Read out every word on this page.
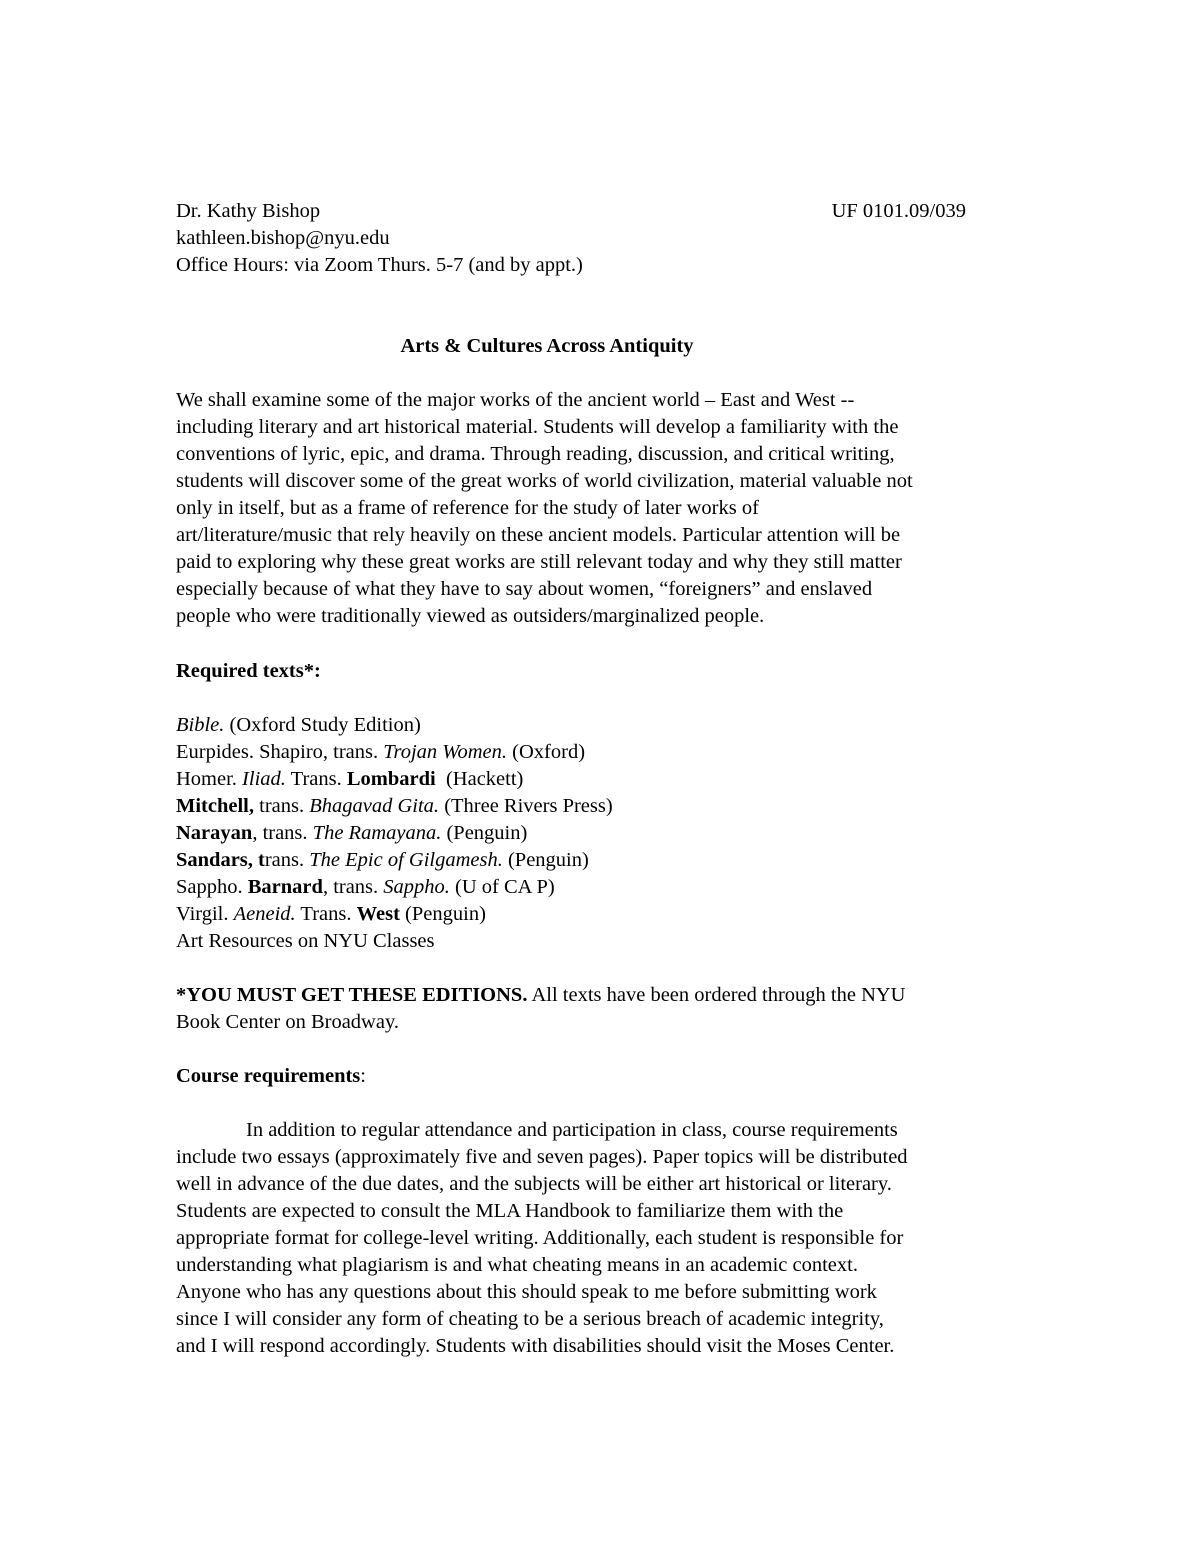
Dr. Kathy Bishop	UF 0101.09/039
kathleen.bishop@nyu.edu
Office Hours: via Zoom Thurs. 5-7 (and by appt.)
Arts & Cultures Across Antiquity
We shall examine some of the major works of the ancient world – East and West --
including literary and art historical material. Students will develop a familiarity with the
conventions of lyric, epic, and drama. Through reading, discussion, and critical writing,
students will discover some of the great works of world civilization, material valuable not
only in itself, but as a frame of reference for the study of later works of
art/literature/music that rely heavily on these ancient models. Particular attention will be
paid to exploring why these great works are still relevant today and why they still matter
especially because of what they have to say about women, “foreigners” and enslaved
people who were traditionally viewed as outsiders/marginalized people.
Required texts*:
Bible. (Oxford Study Edition)
Eurpides. Shapiro, trans. Trojan Women. (Oxford)
Homer. Iliad. Trans. Lombardi  (Hackett)
Mitchell, trans. Bhagavad Gita. (Three Rivers Press)
Narayan, trans. The Ramayana. (Penguin)
Sandars, trans. The Epic of Gilgamesh. (Penguin)
Sappho. Barnard, trans. Sappho. (U of CA P)
Virgil. Aeneid. Trans. West (Penguin)
Art Resources on NYU Classes
*YOU MUST GET THESE EDITIONS. All texts have been ordered through the NYU
Book Center on Broadway.
Course requirements:
In addition to regular attendance and participation in class, course requirements
include two essays (approximately five and seven pages). Paper topics will be distributed
well in advance of the due dates, and the subjects will be either art historical or literary.
Students are expected to consult the MLA Handbook to familiarize them with the
appropriate format for college-level writing. Additionally, each student is responsible for
understanding what plagiarism is and what cheating means in an academic context.
Anyone who has any questions about this should speak to me before submitting work
since I will consider any form of cheating to be a serious breach of academic integrity,
and I will respond accordingly. Students with disabilities should visit the Moses Center.
